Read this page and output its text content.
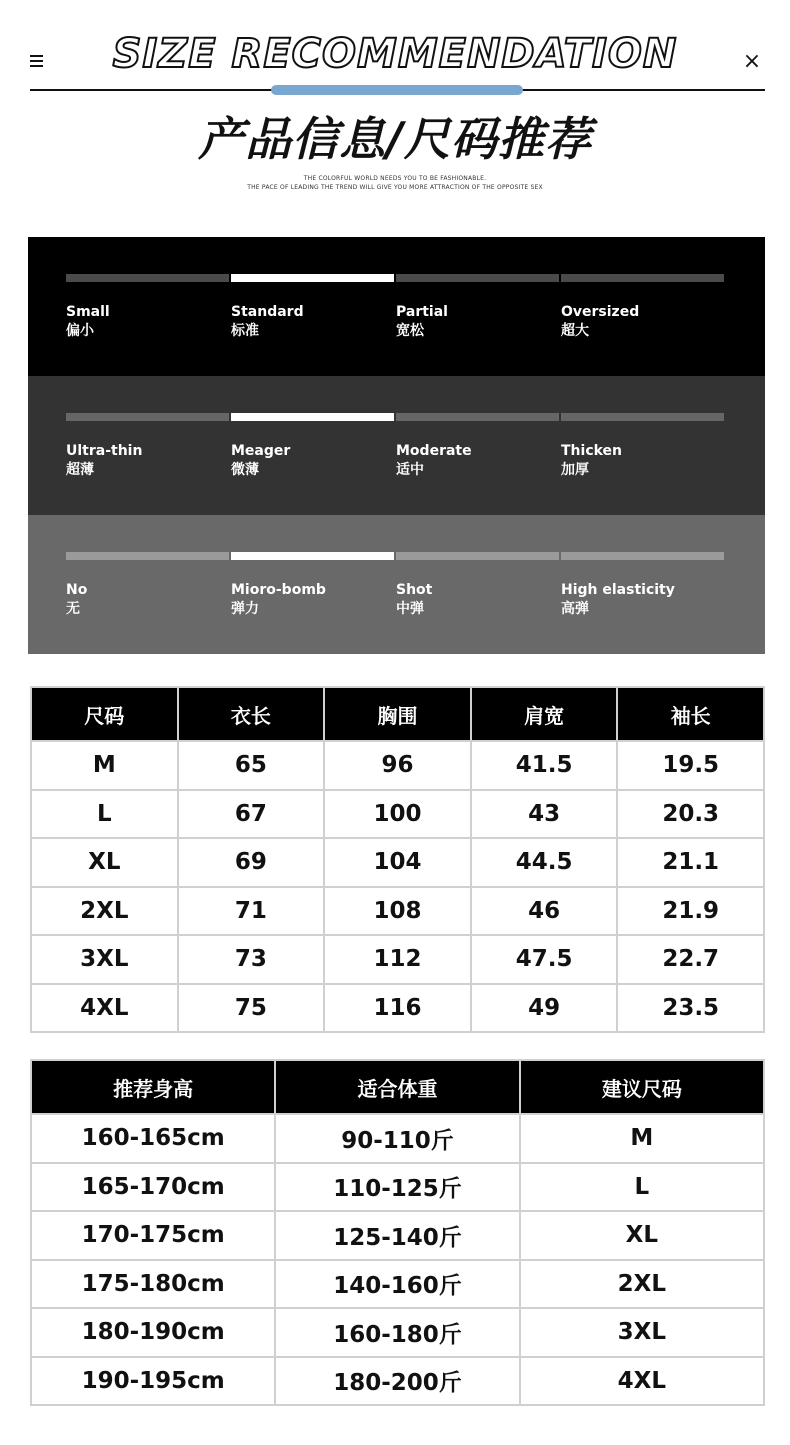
×
SIZE RECOMMENDATION
产品信息/尺码推荐
THE COLORFUL WORLD NEEDS YOU TO BE FASHIONABLE.
THE PACE OF LEADING THE TREND WILL GIVE YOU MORE ATTRACTION OF THE OPPOSITE SEX
Small
偏小
Standard
标准
Partial
宽松
Oversized
超大
Ultra-thin
超薄
Meager
微薄
Moderate
适中
Thicken
加厚
No
无
Mioro-bomb
弹力
Shot
中弹
High elasticity
高弹
尺码	衣长	胸围	肩宽	袖长
M	65	96	41.5	19.5
L	67	100	43	20.3
XL	69	104	44.5	21.1
2XL	71	108	46	21.9
3XL	73	112	47.5	22.7
4XL	75	116	49	23.5
推荐身高	适合体重	建议尺码
160-165cm	90-110斤	M
165-170cm	110-125斤	L
170-175cm	125-140斤	XL
175-180cm	140-160斤	2XL
180-190cm	160-180斤	3XL
190-195cm	180-200斤	4XL
